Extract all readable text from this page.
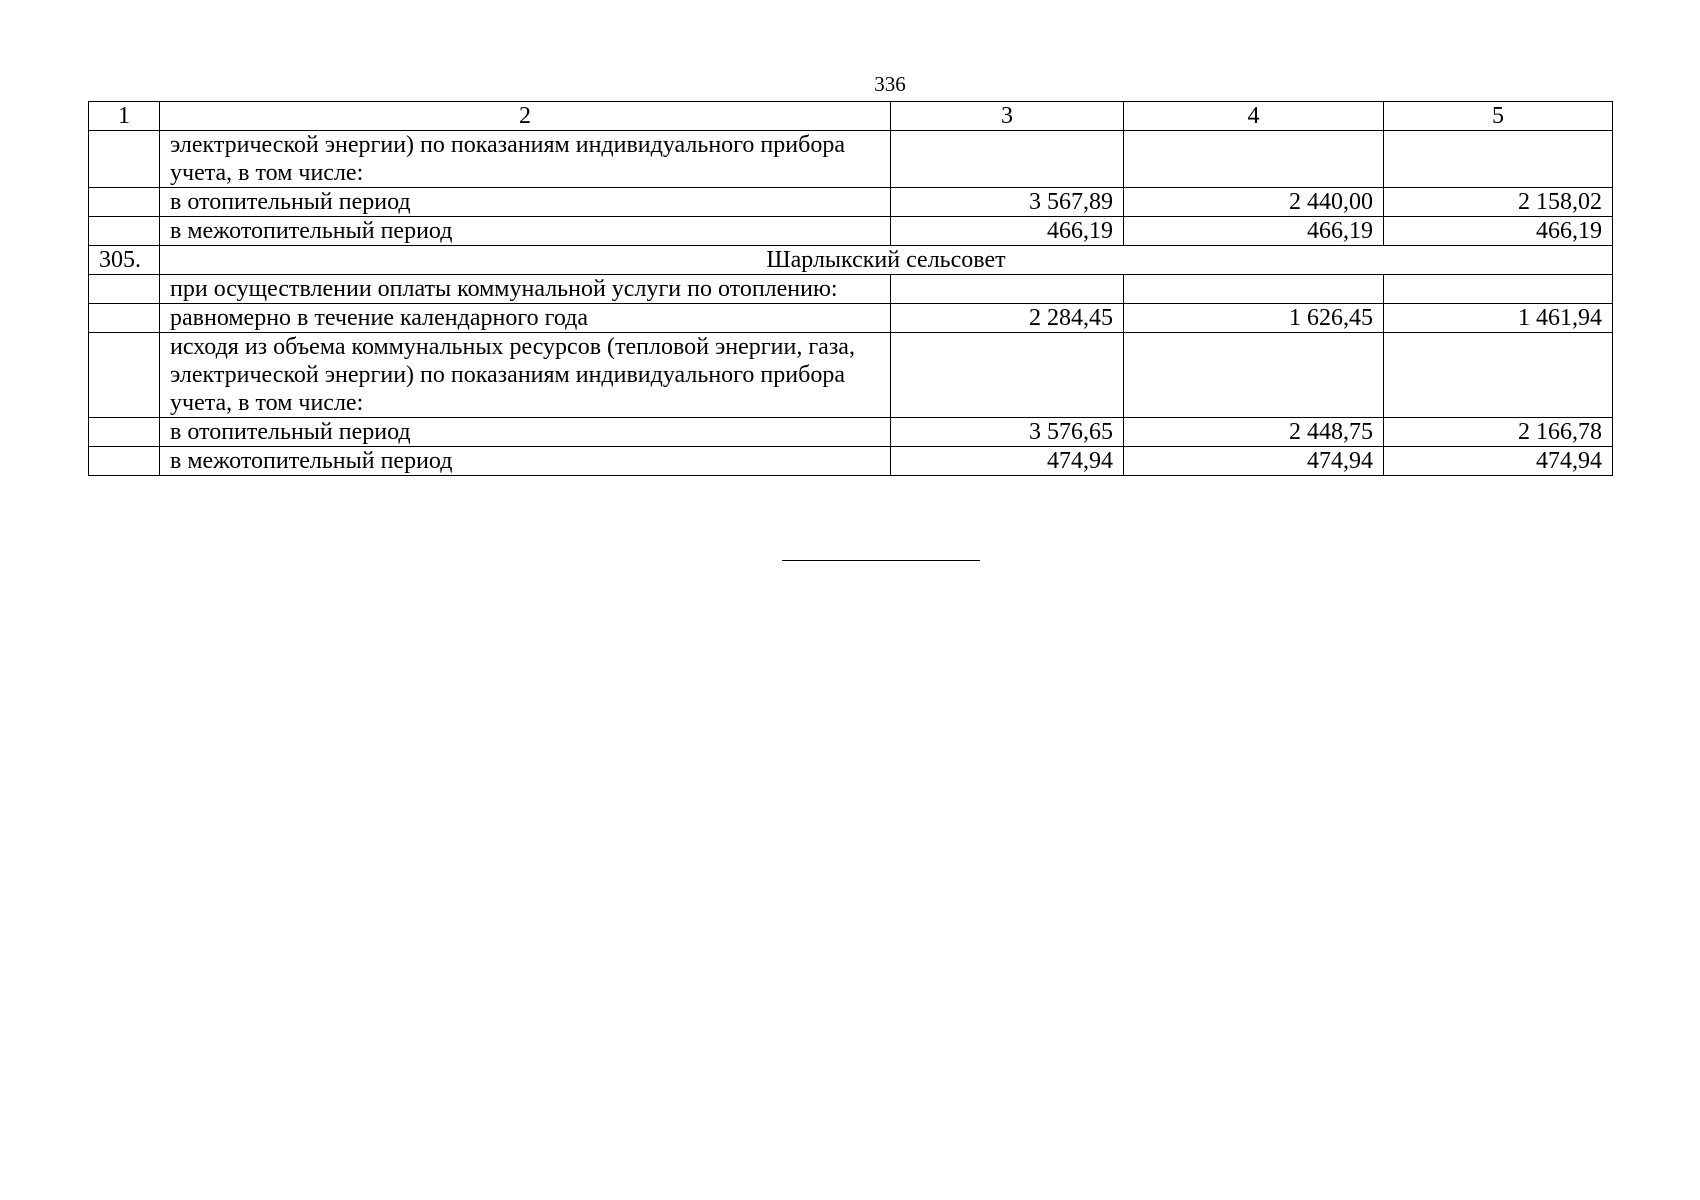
336
1	2	3	4	5
	электрической энергии) по показаниям индивидуального прибора учета, в том числе:			
	в отопительный период	3 567,89	2 440,00	2 158,02
	в межотопительный период	466,19	466,19	466,19
305.	Шарлыкский сельсовет			
	при осуществлении оплаты коммунальной услуги по отоплению:			
	равномерно в течение календарного года	2 284,45	1 626,45	1 461,94
	исходя из объема коммунальных ресурсов (тепловой энергии, газа, электрической энергии) по показаниям индивидуального прибора учета, в том числе:			
	в отопительный период	3 576,65	2 448,75	2 166,78
	в межотопительный период	474,94	474,94	474,94
